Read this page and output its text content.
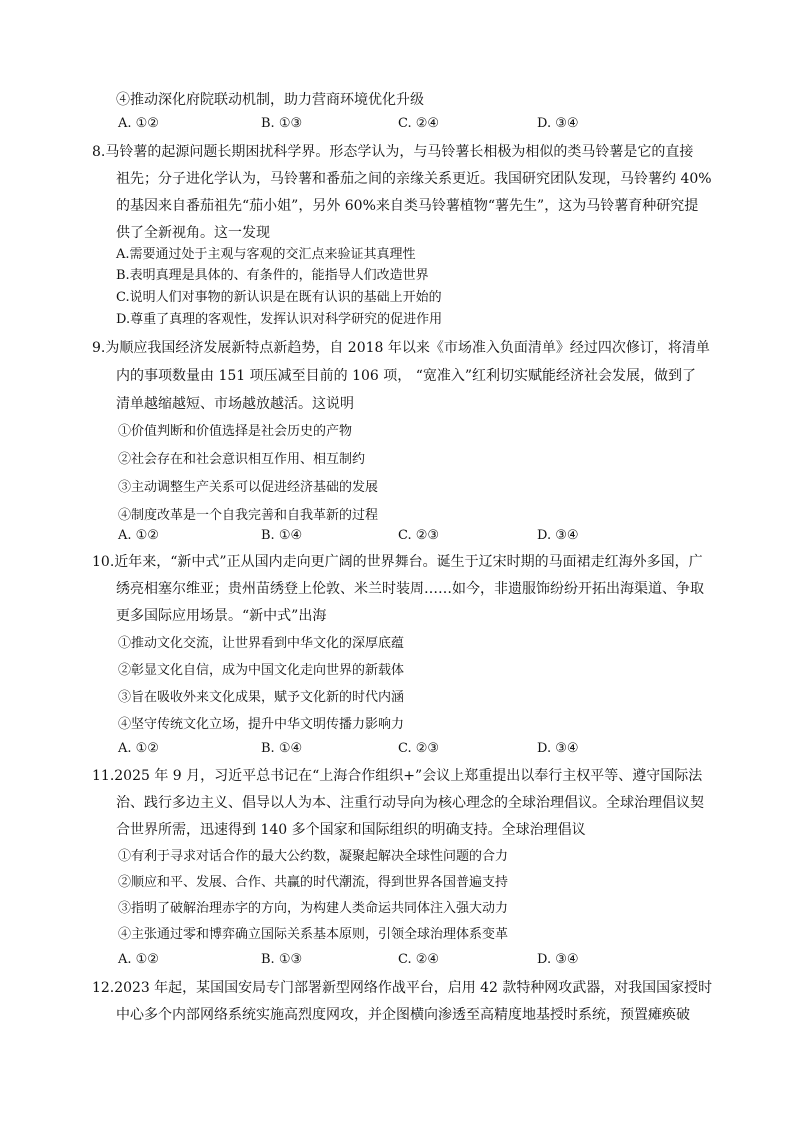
④推动深化府院联动机制，助力营商环境优化升级
A. ①②	B. ①③	C. ②④	D. ③④
8.马铃薯的起源问题长期困扰科学界。形态学认为，与马铃薯长相极为相似的类马铃薯是它的直接
祖先；分子进化学认为，马铃薯和番茄之间的亲缘关系更近。我国研究团队发现，马铃薯约 40%
的基因来自番茄祖先“茄小姐”，另外 60%来自类马铃薯植物“薯先生”，这为马铃薯育种研究提
供了全新视角。这一发现
A.需要通过处于主观与客观的交汇点来验证其真理性
B.表明真理是具体的、有条件的，能指导人们改造世界
C.说明人们对事物的新认识是在既有认识的基础上开始的
D.尊重了真理的客观性，发挥认识对科学研究的促进作用
9.为顺应我国经济发展新特点新趋势，自 2018 年以来《市场准入负面清单》经过四次修订，将清单
内的事项数量由 151 项压减至目前的 106 项， “宽准入”红利切实赋能经济社会发展，做到了
清单越缩越短、市场越放越活。这说明
①价值判断和价值选择是社会历史的产物
②社会存在和社会意识相互作用、相互制约
③主动调整生产关系可以促进经济基础的发展
④制度改革是一个自我完善和自我革新的过程
A. ①②	B. ①④	C. ②③	D. ③④
10.近年来，“新中式”正从国内走向更广阔的世界舞台。诞生于辽宋时期的马面裙走红海外多国，广
绣亮相塞尔维亚；贵州苗绣登上伦敦、米兰时装周……如今，非遗服饰纷纷开拓出海渠道、争取
更多国际应用场景。“新中式”出海
①推动文化交流，让世界看到中华文化的深厚底蕴
②彰显文化自信，成为中国文化走向世界的新载体
③旨在吸收外来文化成果，赋予文化新的时代内涵
④坚守传统文化立场，提升中华文明传播力影响力
A. ①②	B. ①④	C. ②③	D. ③④
11.2025 年 9 月，习近平总书记在“上海合作组织+”会议上郑重提出以奉行主权平等、遵守国际法
治、践行多边主义、倡导以人为本、注重行动导向为核心理念的全球治理倡议。全球治理倡议契
合世界所需，迅速得到 140 多个国家和国际组织的明确支持。全球治理倡议
①有利于寻求对话合作的最大公约数，凝聚起解决全球性问题的合力
②顺应和平、发展、合作、共赢的时代潮流，得到世界各国普遍支持
③指明了破解治理赤字的方向，为构建人类命运共同体注入强大动力
④主张通过零和博弈确立国际关系基本原则，引领全球治理体系变革
A. ①②	B. ①③	C. ②④	D. ③④
12.2023 年起，某国国安局专门部署新型网络作战平台，启用 42 款特种网攻武器，对我国国家授时
中心多个内部网络系统实施高烈度网攻，并企图横向渗透至高精度地基授时系统，预置瘫痪破
